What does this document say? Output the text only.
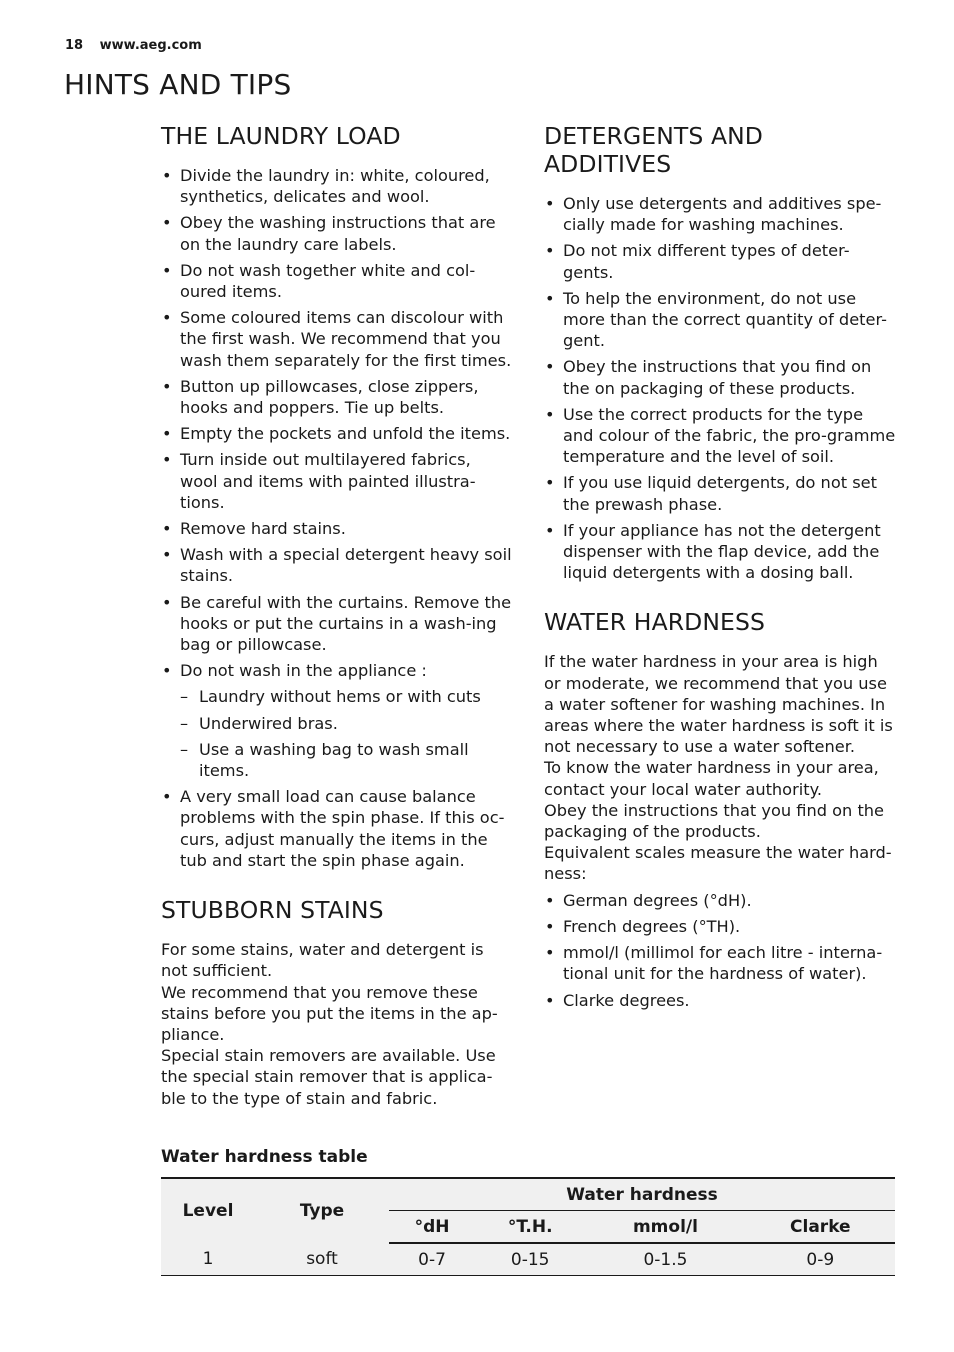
18 www.aeg.com
HINTS AND TIPS
THE LAUNDRY LOAD
• Divide the laundry in: white, coloured, synthetics, delicates and wool.
• Obey the washing instructions that are on the laundry care labels.
• Do not wash together white and col-oured items.
• Some coloured items can discolour with the first wash. We recommend that you wash them separately for the first times.
• Button up pillowcases, close zippers, hooks and poppers. Tie up belts.
• Empty the pockets and unfold the items.
• Turn inside out multilayered fabrics, wool and items with painted illustra-tions.
• Remove hard stains.
• Wash with a special detergent heavy soil stains.
• Be careful with the curtains. Remove the hooks or put the curtains in a wash-ing bag or pillowcase.
• Do not wash in the appliance :
– Laundry without hems or with cuts
– Underwired bras.
– Use a washing bag to wash small items.
• A very small load can cause balance problems with the spin phase. If this oc-curs, adjust manually the items in the tub and start the spin phase again.
STUBBORN STAINS

For some stains, water and detergent is not sufficient.

We recommend that you remove these stains before you put the items in the ap-pliance.

Special stain removers are available. Use the special stain remover that is applica-ble to the type of stain and fabric.

DETERGENTS AND ADDITIVES
• Only use detergents and additives spe-cially made for washing machines.
• Do not mix different types of deter-gents.
• To help the environment, do not use more than the correct quantity of deter-gent.
• Obey the instructions that you find on the on packaging of these products.
• Use the correct products for the type and colour of the fabric, the pro-gramme temperature and the level of soil.
• If you use liquid detergents, do not set the prewash phase.
• If your appliance has not the detergent dispenser with the flap device, add the liquid detergents with a dosing ball.
WATER HARDNESS

If the water hardness in your area is high or moderate, we recommend that you use a water softener for washing machines. In areas where the water hardness is soft it is not necessary to use a water softener.

To know the water hardness in your area, contact your local water authority.

Obey the instructions that you find on the packaging of the products.

Equivalent scales measure the water hard-ness:

• German degrees (°dH).
• French degrees (°TH).
• mmol/l (millimol for each litre - interna-tional unit for the hardness of water).
• Clarke degrees.
Water hardness table
Level	Type	Water hardness			
		°dH	°T.H.	mmol/l	Clarke
1	soft	0-7	0-15	0-1.5	0-9
